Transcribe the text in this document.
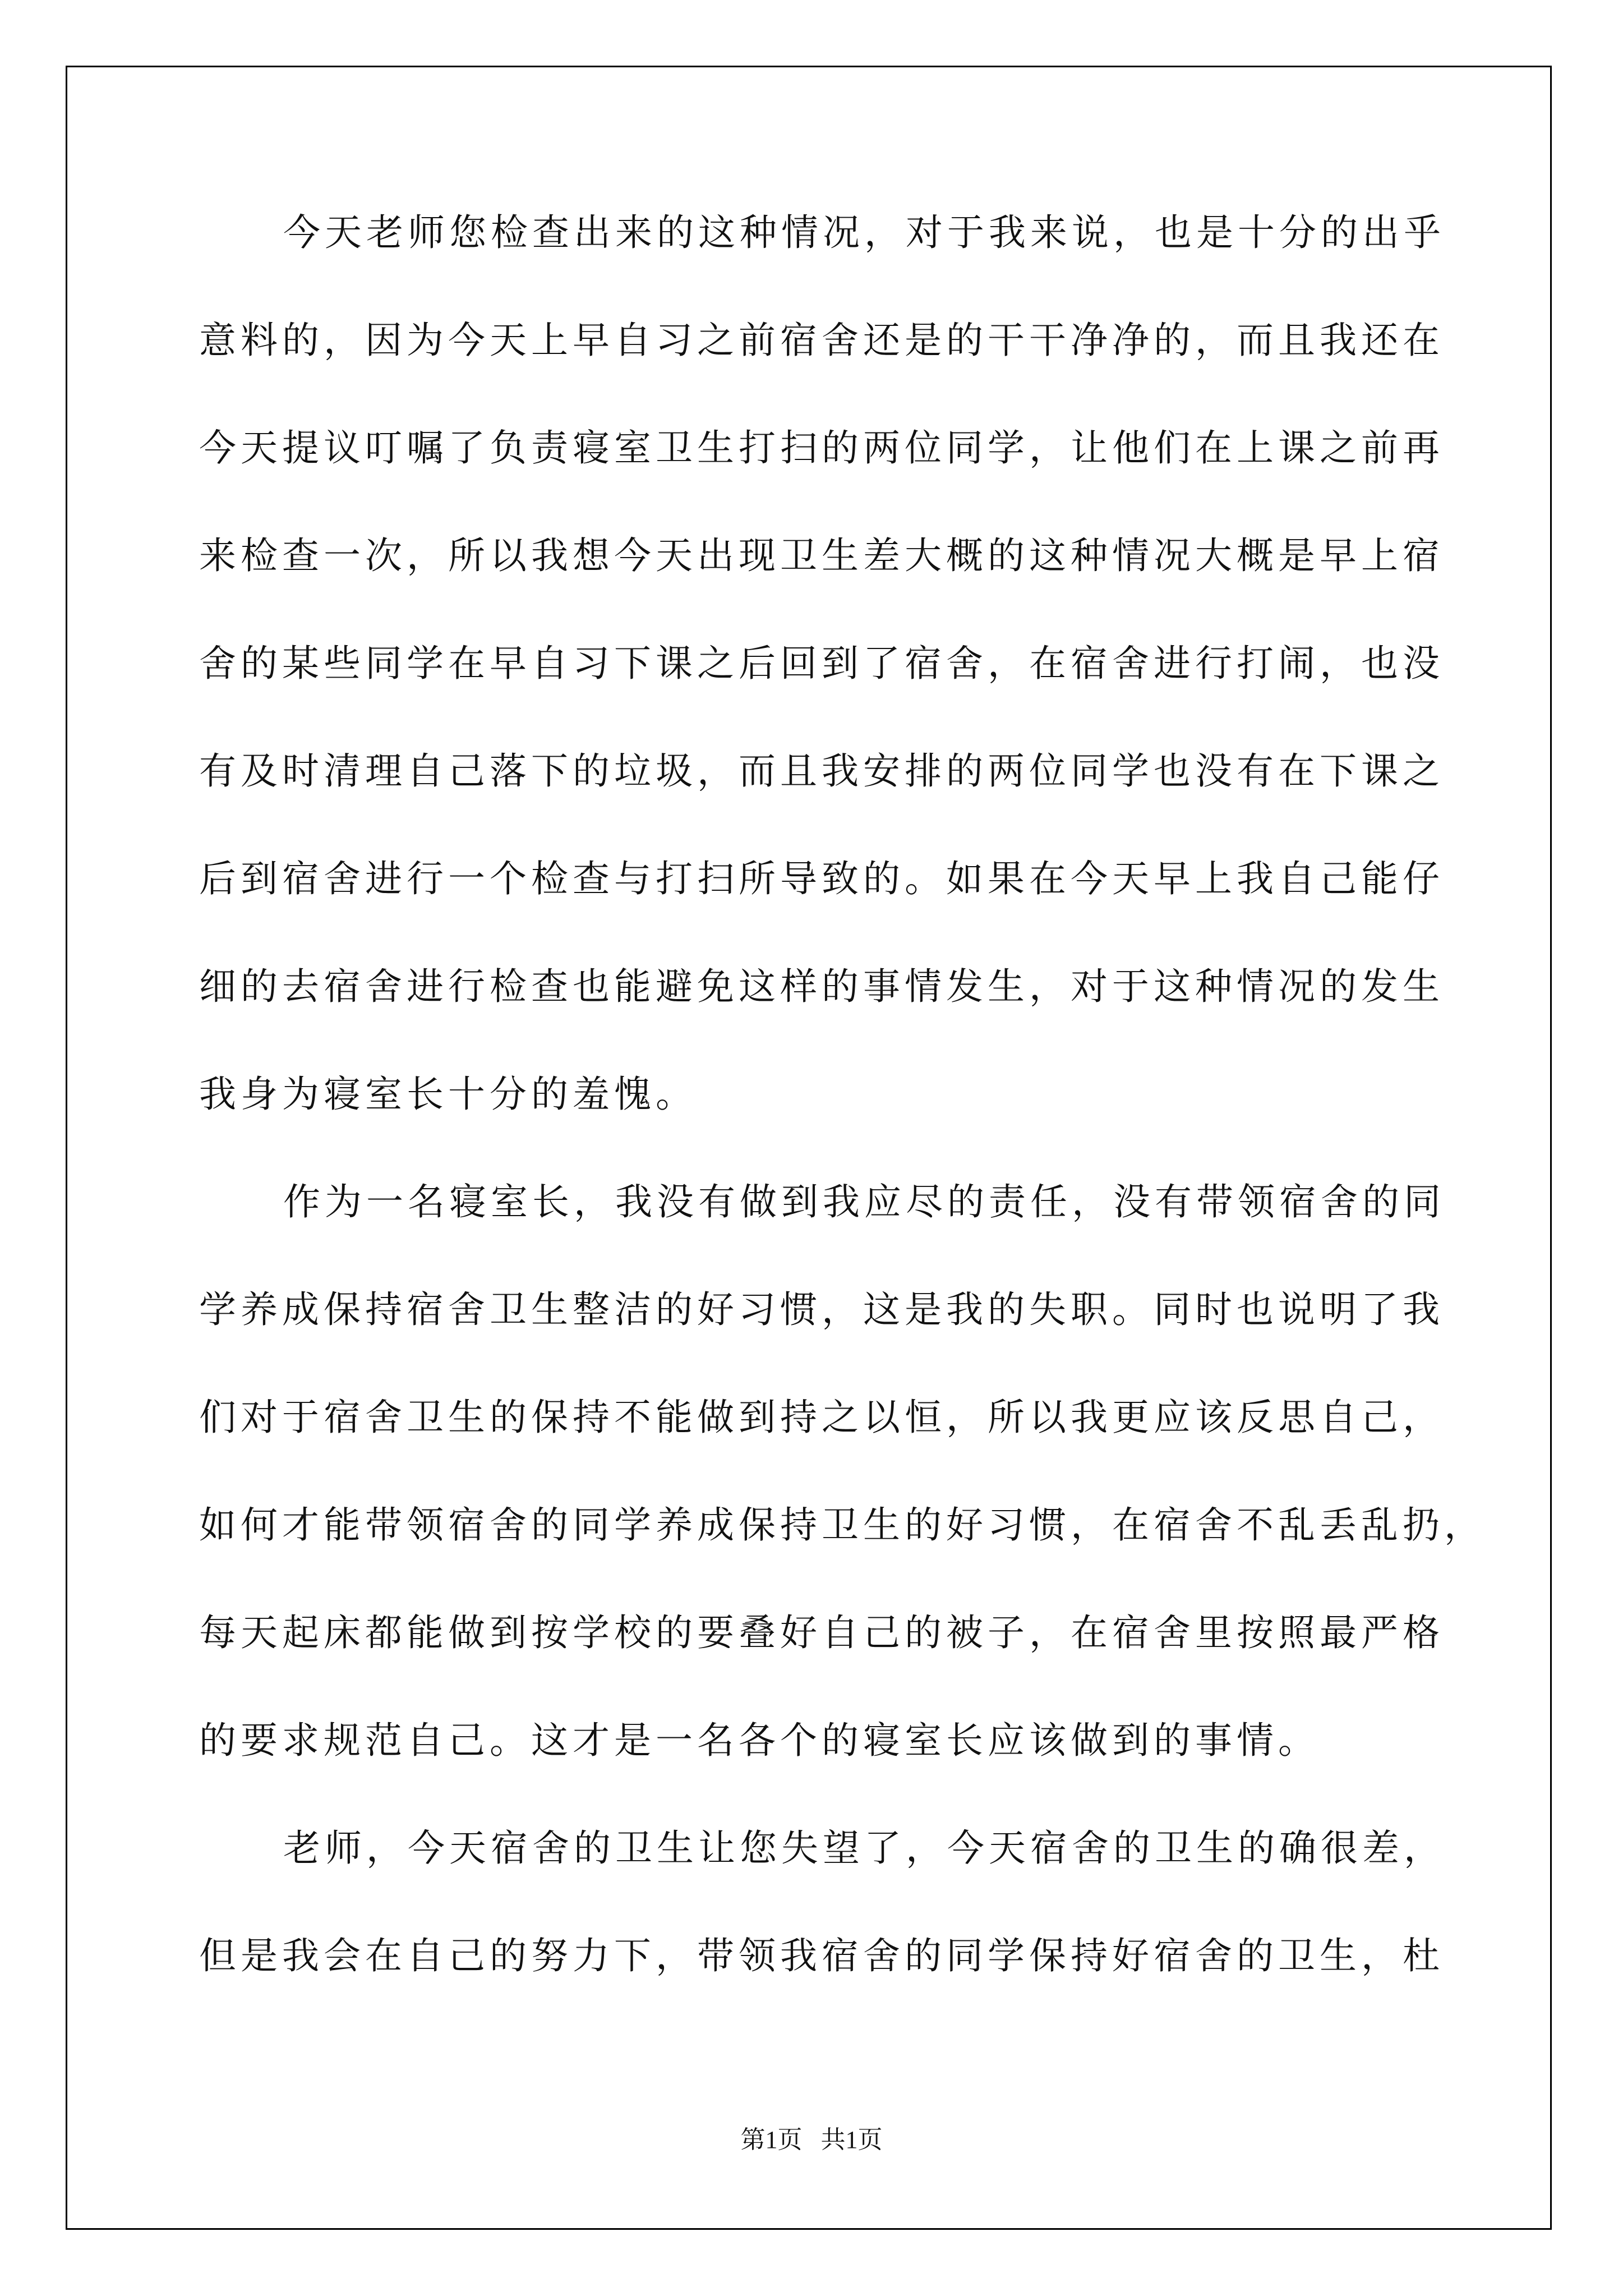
今天老师您检查出来的这种情况，对于我来说，也是十分的出乎
意料的，因为今天上早自习之前宿舍还是的干干净净的，而且我还在
今天提议叮嘱了负责寝室卫生打扫的两位同学，让他们在上课之前再
来检查一次，所以我想今天出现卫生差大概的这种情况大概是早上宿
舍的某些同学在早自习下课之后回到了宿舍，在宿舍进行打闹，也没
有及时清理自己落下的垃圾，而且我安排的两位同学也没有在下课之
后到宿舍进行一个检查与打扫所导致的。如果在今天早上我自己能仔
细的去宿舍进行检查也能避免这样的事情发生，对于这种情况的发生
我身为寝室长十分的羞愧。
作为一名寝室长，我没有做到我应尽的责任，没有带领宿舍的同
学养成保持宿舍卫生整洁的好习惯，这是我的失职。同时也说明了我
们对于宿舍卫生的保持不能做到持之以恒，所以我更应该反思自己，
如何才能带领宿舍的同学养成保持卫生的好习惯，在宿舍不乱丢乱扔，
每天起床都能做到按学校的要叠好自己的被子，在宿舍里按照最严格
的要求规范自己。这才是一名各个的寝室长应该做到的事情。
老师，今天宿舍的卫生让您失望了，今天宿舍的卫生的确很差，
但是我会在自己的努力下，带领我宿舍的同学保持好宿舍的卫生，杜
第1页   共1页
